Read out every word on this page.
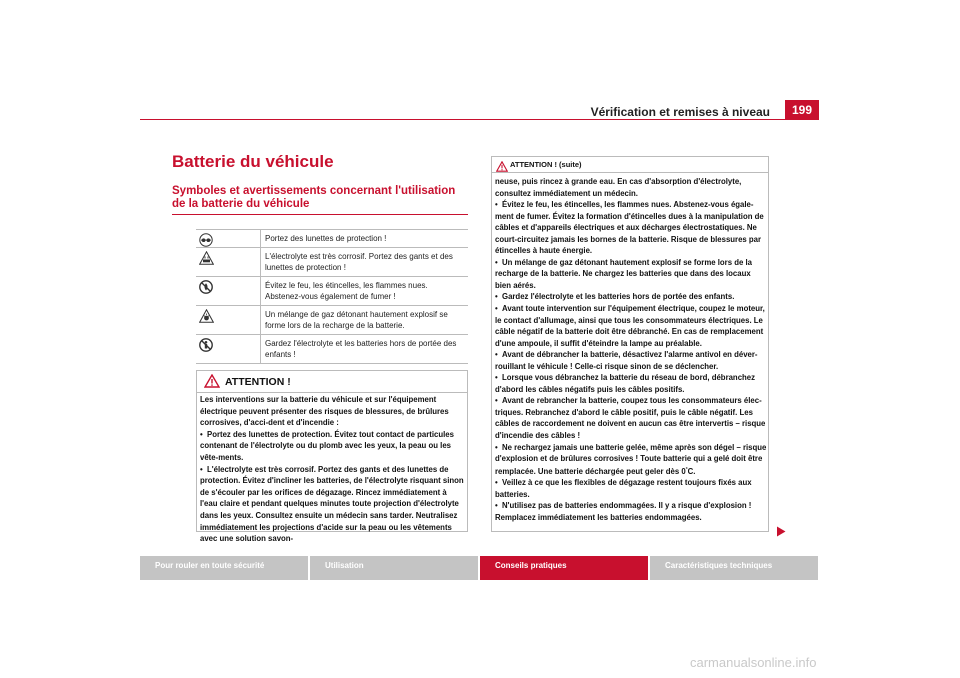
Vérification et remises à niveau	199
Batterie du véhicule
Symboles et avertissements concernant l'utilisation de la batterie du véhicule
Portez des lunettes de protection !
L'électrolyte est très corrosif. Portez des gants et des lunettes de protection !
Évitez le feu, les étincelles, les flammes nues. Abstenez-vous également de fumer !
Un mélange de gaz détonant hautement explosif se forme lors de la recharge de la batterie.
Gardez l'électrolyte et les batteries hors de portée des enfants !
ATTENTION !
Les interventions sur la batterie du véhicule et sur l'équipement électrique peuvent présenter des risques de blessures, de brûlures corrosives, d'acci-dent et d'incendie :
• Portez des lunettes de protection. Évitez tout contact de particules contenant de l'électrolyte ou du plomb avec les yeux, la peau ou les vête-ments.
• L'électrolyte est très corrosif. Portez des gants et des lunettes de protection. Évitez d'incliner les batteries, de l'électrolyte risquant sinon de s'écouler par les orifices de dégazage. Rincez immédiatement à l'eau claire et pendant quelques minutes toute projection d'électrolyte dans les yeux. Consultez ensuite un médecin sans tarder. Neutralisez immédiatement les projections d'acide sur la peau ou les vêtements avec une solution savon-
ATTENTION ! (suite)
neuse, puis rincez à grande eau. En cas d'absorption d'électrolyte, consultez immédiatement un médecin.
• Évitez le feu, les étincelles, les flammes nues. Abstenez-vous égale-ment de fumer. Évitez la formation d'étincelles dues à la manipulation de câbles et d'appareils électriques et aux décharges électrostatiques. Ne court-circuitez jamais les bornes de la batterie. Risque de blessures par étincelles à haute énergie.
• Un mélange de gaz détonant hautement explosif se forme lors de la recharge de la batterie. Ne chargez les batteries que dans des locaux bien aérés.
• Gardez l'électrolyte et les batteries hors de portée des enfants.
• Avant toute intervention sur l'équipement électrique, coupez le moteur, le contact d'allumage, ainsi que tous les consommateurs électriques. Le câble négatif de la batterie doit être débranché. En cas de remplacement d'une ampoule, il suffit d'éteindre la lampe au préalable.
• Avant de débrancher la batterie, désactivez l'alarme antivol en déver-rouillant le véhicule ! Celle-ci risque sinon de se déclencher.
• Lorsque vous débranchez la batterie du réseau de bord, débranchez d'abord les câbles négatifs puis les câbles positifs.
• Avant de rebrancher la batterie, coupez tous les consommateurs élec-triques. Rebranchez d'abord le câble positif, puis le câble négatif. Les câbles de raccordement ne doivent en aucun cas être intervertis – risque d'incendie des câbles !
• Ne rechargez jamais une batterie gelée, même après son dégel – risque d'explosion et de brûlures corrosives ! Toute batterie qui a gelé doit être remplacée. Une batterie déchargée peut geler dès 0°C.
• Veillez à ce que les flexibles de dégazage restent toujours fixés aux batteries.
• N'utilisez pas de batteries endommagées. Il y a risque d'explosion ! Remplacez immédiatement les batteries endommagées.
Pour rouler en toute sécurité	Utilisation	Conseils pratiques	Caractéristiques techniques
carmanualsonline.info
